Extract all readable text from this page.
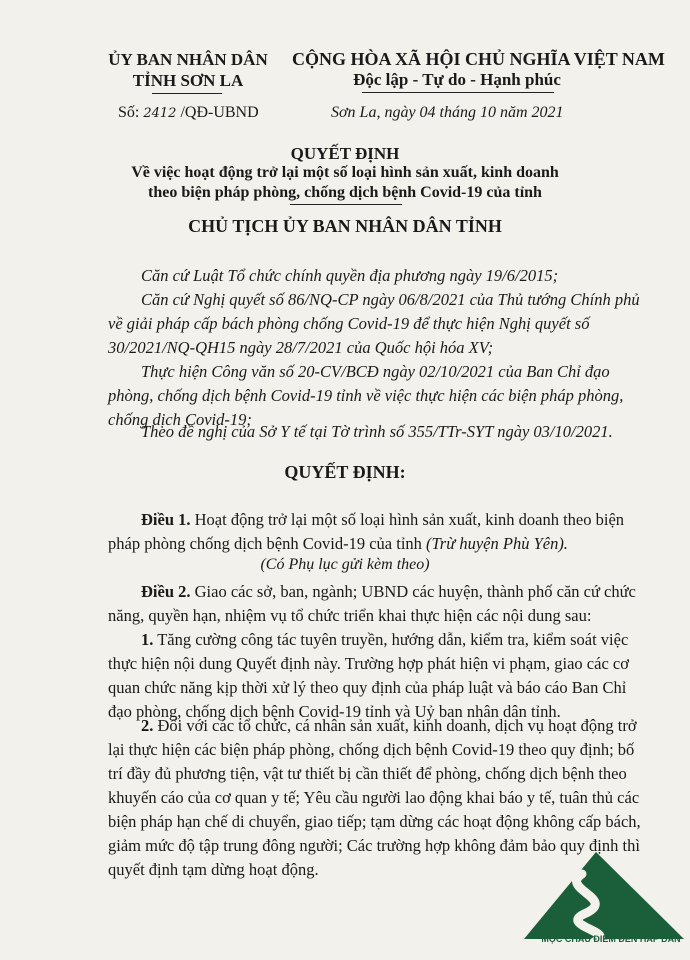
ỦY BAN NHÂN DÂN
TỈNH SƠN LA
CỘNG HÒA XÃ HỘI CHỦ NGHĨA VIỆT NAM
Độc lập - Tự do - Hạnh phúc
Số: 2412 /QĐ-UBND	Sơn La, ngày 04 tháng 10 năm 2021
QUYẾT ĐỊNH
Về việc hoạt động trở lại một số loại hình sản xuất, kinh doanh
theo biện pháp phòng, chống dịch bệnh Covid-19 của tỉnh
CHỦ TỊCH ỦY BAN NHÂN DÂN TỈNH
Căn cứ Luật Tổ chức chính quyền địa phương ngày 19/6/2015;
Căn cứ Nghị quyết số 86/NQ-CP ngày 06/8/2021 của Thủ tướng Chính phủ về giải pháp cấp bách phòng chống Covid-19 để thực hiện Nghị quyết số 30/2021/NQ-QH15 ngày 28/7/2021 của Quốc hội hóa XV;
Thực hiện Công văn số 20-CV/BCĐ ngày 02/10/2021 của Ban Chỉ đạo phòng, chống dịch bệnh Covid-19 tỉnh về việc thực hiện các biện pháp phòng, chống dịch Covid-19;
Theo đề nghị của Sở Y tế tại Tờ trình số 355/TTr-SYT ngày 03/10/2021.
QUYẾT ĐỊNH:
Điều 1. Hoạt động trở lại một số loại hình sản xuất, kinh doanh theo biện pháp phòng chống dịch bệnh Covid-19 của tỉnh (Trừ huyện Phù Yên).
(Có Phụ lục gửi kèm theo)
Điều 2. Giao các sở, ban, ngành; UBND các huyện, thành phố căn cứ chức năng, quyền hạn, nhiệm vụ tổ chức triển khai thực hiện các nội dung sau:
1. Tăng cường công tác tuyên truyền, hướng dẫn, kiểm tra, kiểm soát việc thực hiện nội dung Quyết định này. Trường hợp phát hiện vi phạm, giao các cơ quan chức năng kịp thời xử lý theo quy định của pháp luật và báo cáo Ban Chỉ đạo phòng, chống dịch bệnh Covid-19 tỉnh và Uỷ ban nhân dân tỉnh.
2. Đối với các tổ chức, cá nhân sản xuất, kinh doanh, dịch vụ hoạt động trở lại thực hiện các biện pháp phòng, chống dịch bệnh Covid-19 theo quy định; bố trí đầy đủ phương tiện, vật tư thiết bị cần thiết để phòng, chống dịch bệnh theo khuyến cáo của cơ quan y tế; Yêu cầu người lao động khai báo y tế, tuân thủ các biện pháp hạn chế di chuyển, giao tiếp; tạm dừng các hoạt động không cấp bách, giảm mức độ tập trung đông người; Các trường hợp không đảm bảo quy định thì quyết định tạm dừng hoạt động.
MỘC CHÂU ĐIỂM ĐẾN HẤP DẪN
